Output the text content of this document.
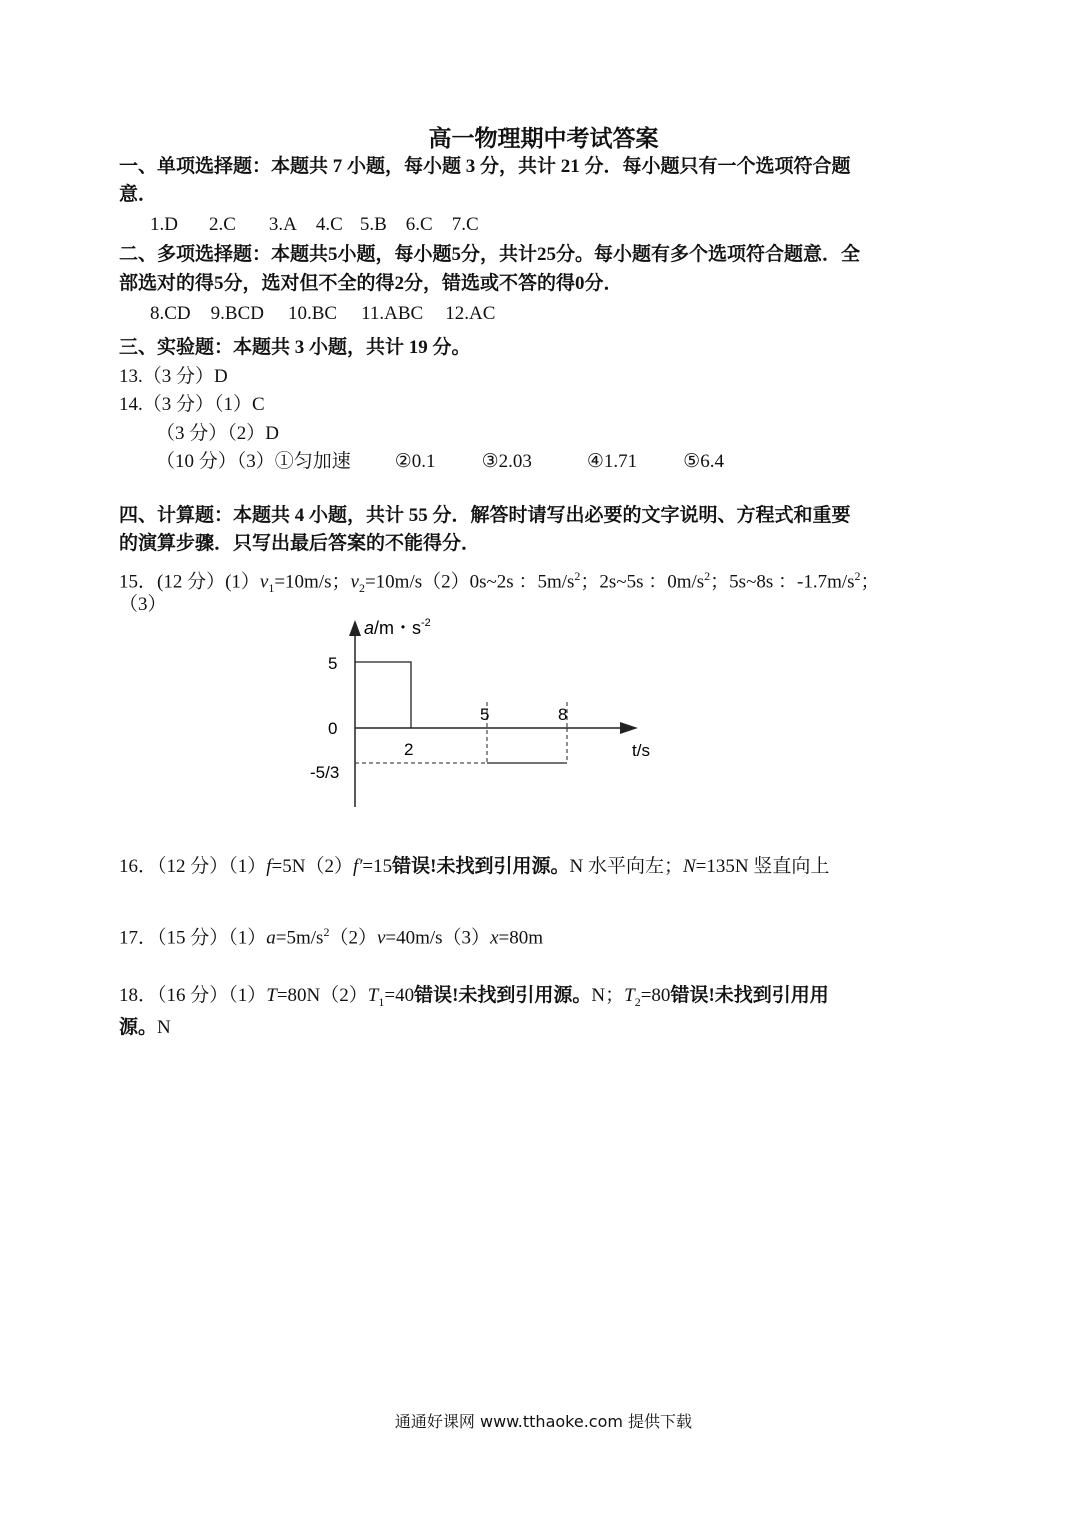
高一物理期中考试答案
一、单项选择题：本题共 7 小题，每小题 3 分，共计 21 分．每小题只有一个选项符合题
意．
1.D 2.C 3.A 4.C 5.B 6.C 7.C
二、多项选择题：本题共5小题，每小题5分，共计25分。每小题有多个选项符合题意．全
部选对的得5分，选对但不全的得2分，错选或不答的得0分．
8.CD 9.BCD 10.BC 11.ABC 12.AC
三、实验题：本题共 3 小题，共计 19 分。
13.（3 分）D
14.（3 分）（1）C
（3 分）（2）D
（10 分）（3）①匀加速 ②0.1 ③2.03	④1.71 ⑤6.4
四、计算题：本题共 4 小题，共计 55 分．解答时请写出必要的文字说明、方程式和重要
的演算步骤．只写出最后答案的不能得分．
15．(12 分）$(1)v_1=10m/s$；$v_2=10m/s(2)0s\sim 2s$ ：$5m/s^2$；2s~5s ：$0m/s^2$；5s~8s ：$-1.7m/s^2$；
（3）
a/m・$s^{-2}$
5
0
-5/3
2
5	8
t/s
16．（12 分）（1）f=5N（2）f′=15错误!未找到引用源。N 水平向左；N=135N 竖直向上
17．（15 分）$(1)a=5m/s^2(2)v=40m/s(3)x=80m$
18．（16 分）$(1)T=80N(2)T_1=40$错误!未找到引用源。N；$T_2=80$错误!未找到引用用
源。N
通通好课网 www.tthaoke.com 提供下载
